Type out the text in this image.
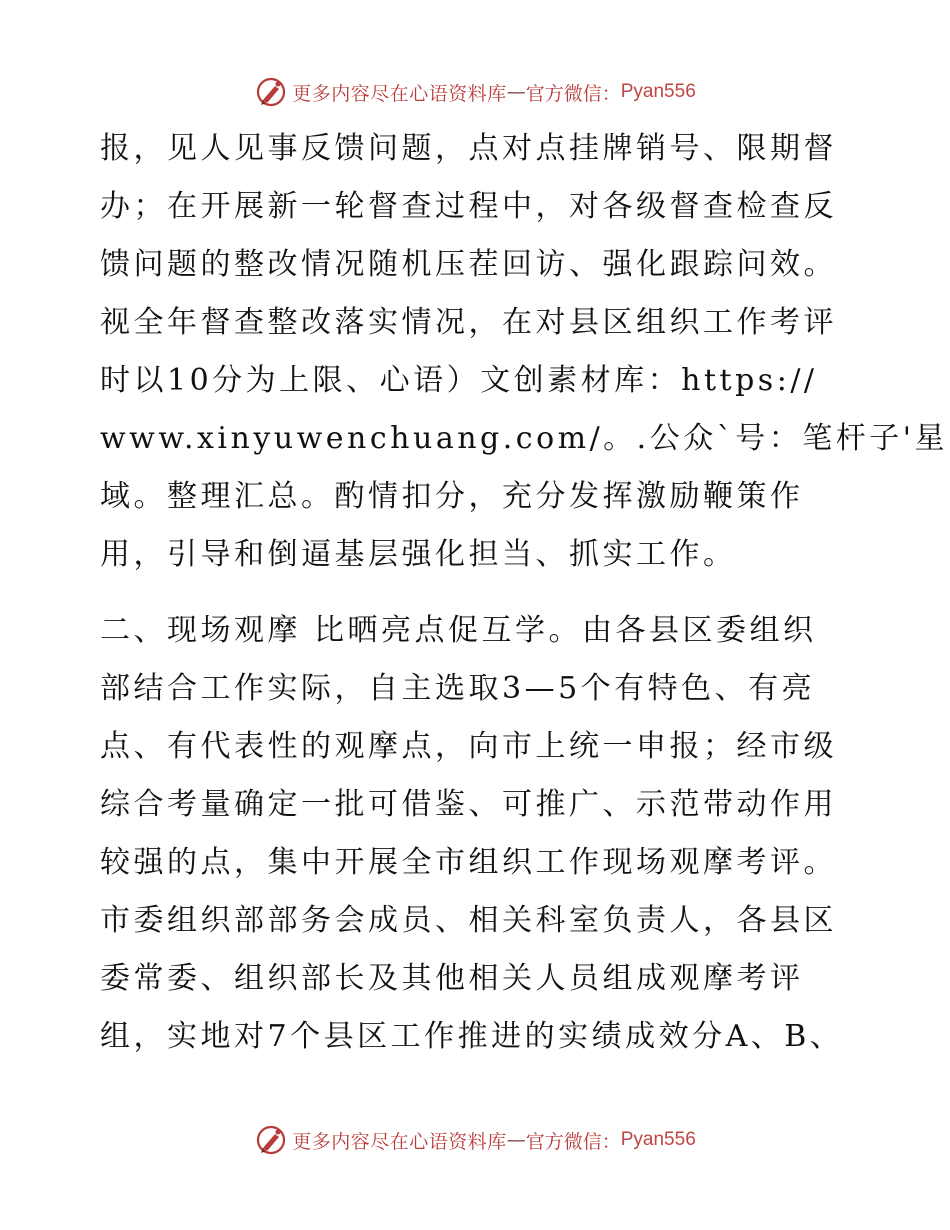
更多内容尽在心语资料库 — 官方微信： Pyan556
报，见人见事反馈问题，点对点挂牌销号、限期督
办；在开展新一轮督查过程中，对各级督查检查反
馈问题的整改情况随机压茬回访、强化跟踪问效。
视全年督查整改落实情况，在对县区组织工作考评
时以10分为上限、心语）文创素材库：https://
www.xinyuwenchuang.com/。.公众`号：笔杆子'星
域。整理汇总。酌情扣分，充分发挥激励鞭策作
用，引导和倒逼基层强化担当、抓实工作。
二、现场观摩 比晒亮点促互学。由各县区委组织
部结合工作实际，自主选取3—5个有特色、有亮
点、有代表性的观摩点，向市上统一申报；经市级
综合考量确定一批可借鉴、可推广、示范带动作用
较强的点，集中开展全市组织工作现场观摩考评。
市委组织部部务会成员、相关科室负责人，各县区
委常委、组织部长及其他相关人员组成观摩考评
组，实地对7个县区工作推进的实绩成效分A、B、
更多内容尽在心语资料库 — 官方微信： Pyan556
